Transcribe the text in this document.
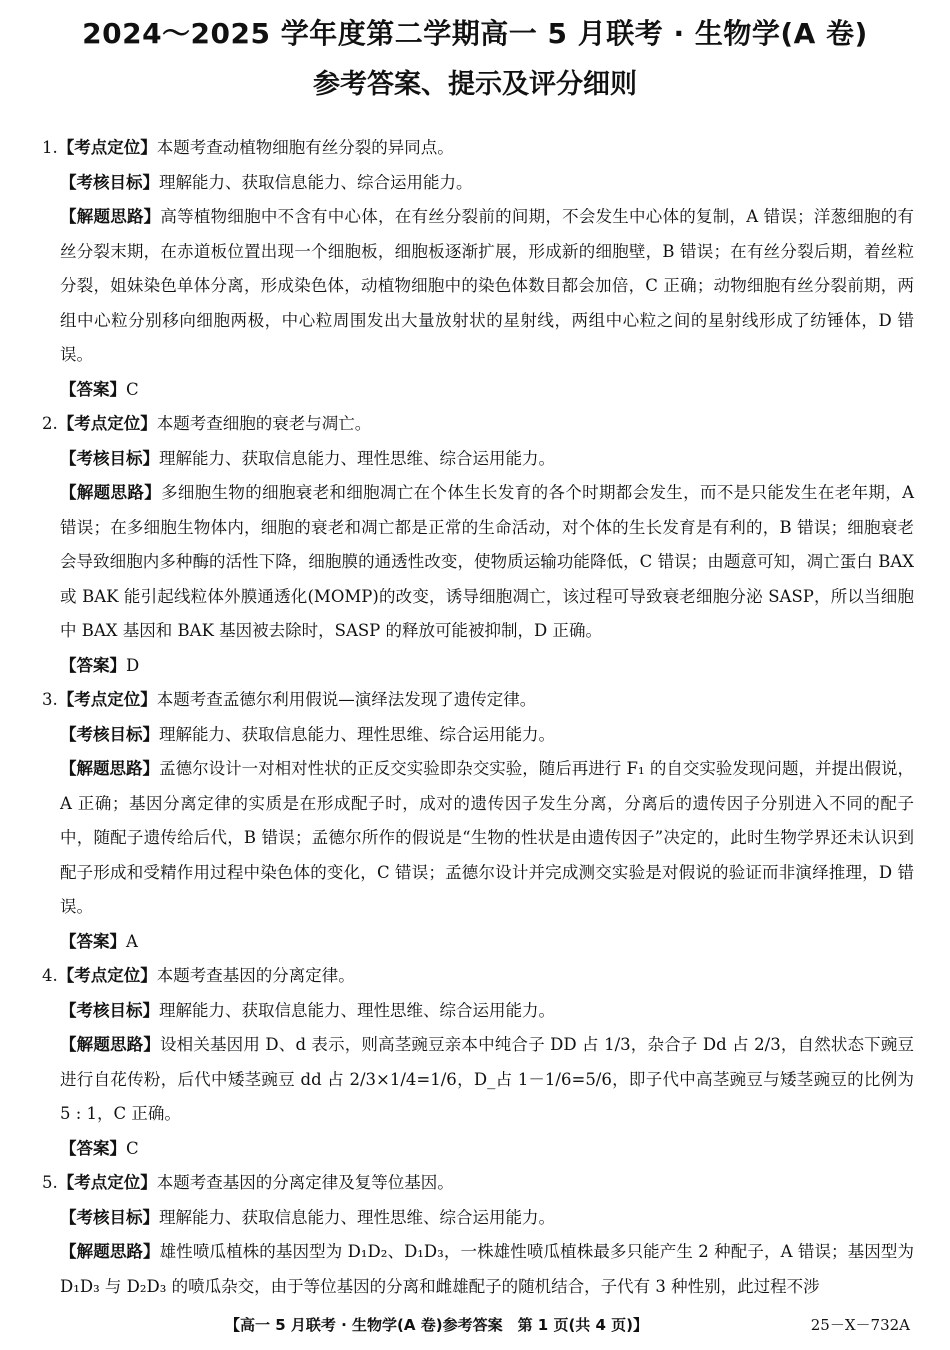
2024～2025 学年度第二学期高一 5 月联考 · 生物学(A 卷)
参考答案、提示及评分细则
1.【考点定位】本题考查动植物细胞有丝分裂的异同点。
【考核目标】理解能力、获取信息能力、综合运用能力。
【解题思路】高等植物细胞中不含有中心体，在有丝分裂前的间期，不会发生中心体的复制，A 错误；洋葱细胞的有丝分裂末期，在赤道板位置出现一个细胞板，细胞板逐渐扩展，形成新的细胞壁，B 错误；在有丝分裂后期，着丝粒分裂，姐妹染色单体分离，形成染色体，动植物细胞中的染色体数目都会加倍，C 正确；动物细胞有丝分裂前期，两组中心粒分别移向细胞两极，中心粒周围发出大量放射状的星射线，两组中心粒之间的星射线形成了纺锤体，D 错误。
【答案】C
2.【考点定位】本题考查细胞的衰老与凋亡。
【考核目标】理解能力、获取信息能力、理性思维、综合运用能力。
【解题思路】多细胞生物的细胞衰老和细胞凋亡在个体生长发育的各个时期都会发生，而不是只能发生在老年期，A 错误；在多细胞生物体内，细胞的衰老和凋亡都是正常的生命活动，对个体的生长发育是有利的，B 错误；细胞衰老会导致细胞内多种酶的活性下降，细胞膜的通透性改变，使物质运输功能降低，C 错误；由题意可知，凋亡蛋白 BAX 或 BAK 能引起线粒体外膜通透化(MOMP)的改变，诱导细胞凋亡，该过程可导致衰老细胞分泌 SASP，所以当细胞中 BAX 基因和 BAK 基因被去除时，SASP 的释放可能被抑制，D 正确。
【答案】D
3.【考点定位】本题考查孟德尔利用假说—演绎法发现了遗传定律。
【考核目标】理解能力、获取信息能力、理性思维、综合运用能力。
【解题思路】孟德尔设计一对相对性状的正反交实验即杂交实验，随后再进行 F₁ 的自交实验发现问题，并提出假说，A 正确；基因分离定律的实质是在形成配子时，成对的遗传因子发生分离，分离后的遗传因子分别进入不同的配子中，随配子遗传给后代，B 错误；孟德尔所作的假说是“生物的性状是由遗传因子”决定的，此时生物学界还未认识到配子形成和受精作用过程中染色体的变化，C 错误；孟德尔设计并完成测交实验是对假说的验证而非演绎推理，D 错误。
【答案】A
4.【考点定位】本题考查基因的分离定律。
【考核目标】理解能力、获取信息能力、理性思维、综合运用能力。
【解题思路】设相关基因用 D、d 表示，则高茎豌豆亲本中纯合子 DD 占 1/3，杂合子 Dd 占 2/3，自然状态下豌豆进行自花传粉，后代中矮茎豌豆 dd 占 2/3×1/4=1/6，D_占 1－1/6=5/6，即子代中高茎豌豆与矮茎豌豆的比例为 5 : 1，C 正确。
【答案】C
5.【考点定位】本题考查基因的分离定律及复等位基因。
【考核目标】理解能力、获取信息能力、理性思维、综合运用能力。
【解题思路】雄性喷瓜植株的基因型为 D₁D₂、D₁D₃，一株雄性喷瓜植株最多只能产生 2 种配子，A 错误；基因型为 D₁D₃ 与 D₂D₃ 的喷瓜杂交，由于等位基因的分离和雌雄配子的随机结合，子代有 3 种性别，此过程不涉
【高一 5 月联考 · 生物学(A 卷)参考答案　第 1 页(共 4 页)】	25－X－732A
